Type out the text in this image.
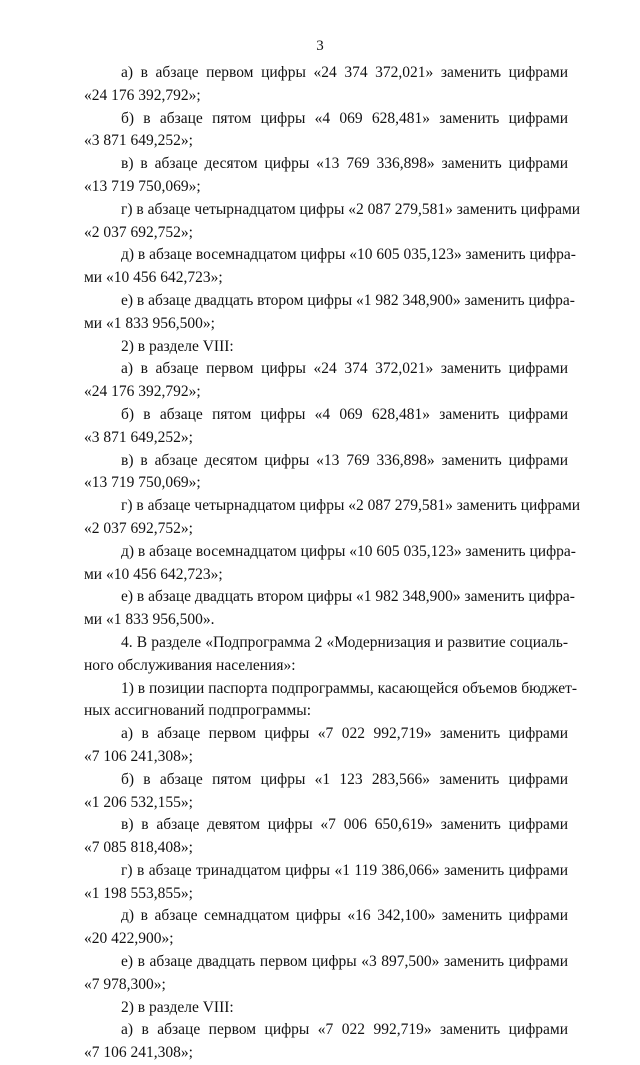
3
а) в абзаце первом цифры «24 374 372,021» заменить цифрами
«24 176 392,792»;
б) в абзаце пятом цифры «4 069 628,481» заменить цифрами
«3 871 649,252»;
в) в абзаце десятом цифры «13 769 336,898» заменить цифрами
«13 719 750,069»;
г) в абзаце четырнадцатом цифры «2 087 279,581» заменить цифрами
«2 037 692,752»;
д) в абзаце восемнадцатом цифры «10 605 035,123» заменить цифра-
ми «10 456 642,723»;
е) в абзаце двадцать втором цифры «1 982 348,900» заменить цифра-
ми «1 833 956,500»;
2) в разделе VIII:
а) в абзаце первом цифры «24 374 372,021» заменить цифрами
«24 176 392,792»;
б) в абзаце пятом цифры «4 069 628,481» заменить цифрами
«3 871 649,252»;
в) в абзаце десятом цифры «13 769 336,898» заменить цифрами
«13 719 750,069»;
г) в абзаце четырнадцатом цифры «2 087 279,581» заменить цифрами
«2 037 692,752»;
д) в абзаце восемнадцатом цифры «10 605 035,123» заменить цифра-
ми «10 456 642,723»;
е) в абзаце двадцать втором цифры «1 982 348,900» заменить цифра-
ми «1 833 956,500».
4. В разделе «Подпрограмма 2 «Модернизация и развитие социаль-
ного обслуживания населения»:
1) в позиции паспорта подпрограммы, касающейся объемов бюджет-
ных ассигнований подпрограммы:
а) в абзаце первом цифры «7 022 992,719» заменить цифрами
«7 106 241,308»;
б) в абзаце пятом цифры «1 123 283,566» заменить цифрами
«1 206 532,155»;
в) в абзаце девятом цифры «7 006 650,619» заменить цифрами
«7 085 818,408»;
г) в абзаце тринадцатом цифры «1 119 386,066» заменить цифрами
«1 198 553,855»;
д) в абзаце семнадцатом цифры «16 342,100» заменить цифрами
«20 422,900»;
е) в абзаце двадцать первом цифры «3 897,500» заменить цифрами
«7 978,300»;
2) в разделе VIII:
а) в абзаце первом цифры «7 022 992,719» заменить цифрами
«7 106 241,308»;
